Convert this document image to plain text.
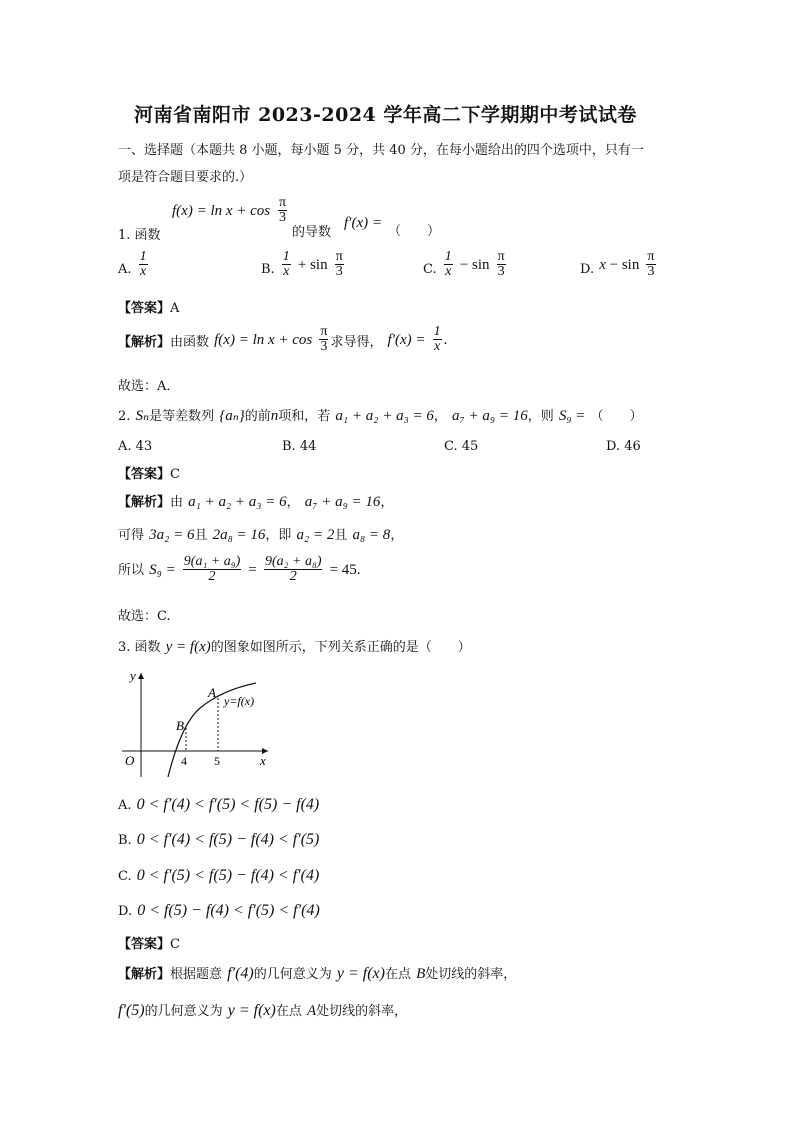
河南省南阳市 2023-2024 学年高二下学期期中考试试卷
一、选择题（本题共 8 小题，每小题 5 分，共 40 分，在每小题给出的四个选项中，只有一
项是符合题目要求的.）
$_{1. 函数}$
$f(x) = \ln x + \cos \frac{\pi}{3}$
的导数
f′(x) =
（　　）
$_{A.} \frac{1}{x}$	$_{B.} \frac{1}{x} + \sin \frac{\pi}{3}$	$_{C.} \frac{1}{x} - \sin \frac{\pi}{3}$	$_{D.}$ $x - \sin \frac{\pi}{3}$
【答案】A
【解析】由函数 $f(x) = \ln x + \cos \frac{\pi}{3}$ 求导得， $f'(x) = \frac{1}{x}$ .
故选：A．
2. Sₙ是等差数列 {aₙ}的前n项和，若 a₁ + a₂ + a₃ = 6， a₇ + a₉ = 16，则 S₉ = （　　）
A. 43	B. 44	C. 45	D. 46
【答案】C
【解析】由 a₁ + a₂ + a₃ = 6， a₇ + a₉ = 16，
可得 3a₂ = 6且 2a₈ = 16，即 a₂ = 2且 a₈ = 8，
所以 $S_9 = \frac{\text{9(a₁ + a₉)}}{2} = \frac{\text{9(a₂ + a₈)}}{2} = 45$.
故选：C.
3. 函数 y = f(x)的图象如图所示，下列关系正确的是（　　）
y
x
O
A
B
4 5
y=f(x)
A. 0 < f′(4) < f′(5) < f(5) − f(4)
B. 0 < f′(4) < f(5) − f(4) < f′(5)
C. 0 < f′(5) < f(5) − f(4) < f′(4)
D. 0 < f(5) − f(4) < f′(5) < f′(4)
【答案】C
【解析】根据题意 f′(4)的几何意义为 y = f(x)在点 B处切线的斜率，
f′(5)的几何意义为 y = f(x)在点 A处切线的斜率，
